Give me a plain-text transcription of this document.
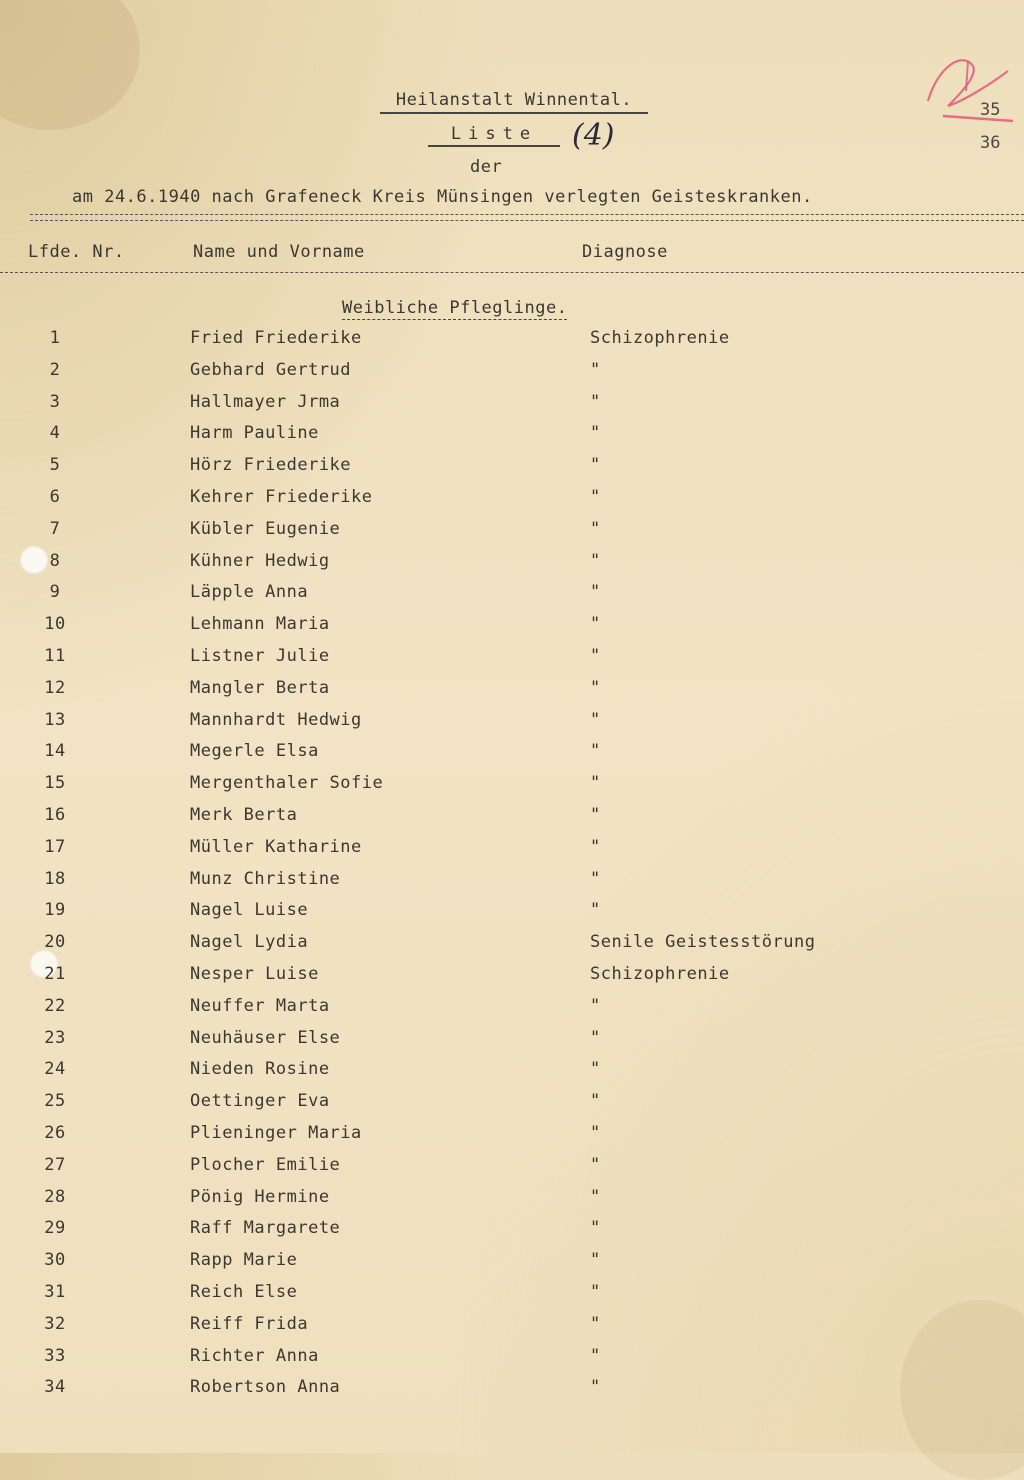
35
36
Heilanstalt Winnental.
Liste	(4)
der
am 24.6.1940 nach Grafeneck Kreis Münsingen verlegten Geisteskranken.
Lfde. Nr.	Name und Vorname	Diagnose
Weibliche Pfleglinge.
1	Fried Friederike	Schizophrenie
2	Gebhard Gertrud	"
3	Hallmayer Jrma	"
4	Harm Pauline	"
5	Hörz Friederike	"
6	Kehrer Friederike	"
7	Kübler Eugenie	"
8	Kühner Hedwig	"
9	Läpple Anna	"
10	Lehmann Maria	"
11	Listner Julie	"
12	Mangler Berta	"
13	Mannhardt Hedwig	"
14	Megerle Elsa	"
15	Mergenthaler Sofie	"
16	Merk Berta	"
17	Müller Katharine	"
18	Munz Christine	"
19	Nagel Luise	"
20	Nagel Lydia	Senile Geistesstörung
21	Nesper Luise	Schizophrenie
22	Neuffer Marta	"
23	Neuhäuser Else	"
24	Nieden Rosine	"
25	Oettinger Eva	"
26	Plieninger Maria	"
27	Plocher Emilie	"
28	Pönig Hermine	"
29	Raff Margarete	"
30	Rapp Marie	"
31	Reich Else	"
32	Reiff Frida	"
33	Richter Anna	"
34	Robertson Anna	"
